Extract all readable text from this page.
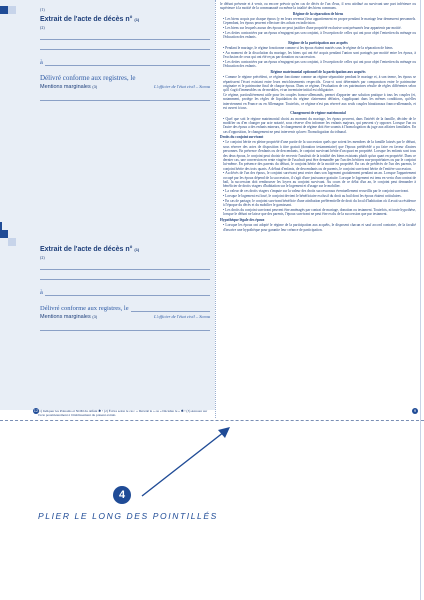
(1)
Extrait de l'acte de décès n° (1)
(2)
à
Délivré conforme aux registres, le
Mentions marginales (3)	L'officier de l'état civil – Sceau
Extrait de l'acte de décès n° (1)
(2)
à
Délivré conforme aux registres, le
Mentions marginales (3)	L'officier de l'état civil – Sceau

le défunt présente et à venir, ou encore prévoir qu'en cas de décès de l'un d'eux, il sera attribué au survivant une part inférieure ou supérieure à la moitié de la communauté ou même la totalité des biens communs.

Régime de la séparation de biens

• Les biens acquis par chaque époux (y en leurs revenus) leur appartiennent en propre pendant le mariage leur demeurent personnels. Cependant, les époux peuvent effectuer des achats en indivision.

• Les biens sur lesquels aucun des époux ne peut justifier d'une propriété exclusive sont présumés leur appartenir par moitié.

• Les dettes contractées par un époux n'engagent pas son conjoint, à l'exception de celles qui ont pour objet l'entretien du ménage ou l'éducation des enfants.

Régime de la participation aux acquêts

• Pendant le mariage, le régime fonctionne comme si les époux étaient mariés sous le régime de la séparation de biens.

• Au moment de la dissolution du mariage, les biens qui ont été acquis pendant l'union sont partagés par moitié entre les époux, à l'exclusion de ceux qui ont été reçus par donation ou succession.

• Les dettes contractées par un époux n'engagent pas son conjoint, à l'exception de celles qui ont pour objet l'entretien du ménage ou l'éducation des enfants.

Régime matrimonial optionnel de la participation aux acquêts

• Comme le régime précédent, ce régime fonctionne comme un régime séparatiste pendant le mariage et, à son terme, les époux se répartissent l'écart existant entre leurs enrichissements respectifs. Ceux-ci sont déterminés par comparaison entre le patrimoine originaire et le patrimoine final de chaque époux. Dans ce régime, l'évaluation de ces patrimoines résulte de règles différentes selon qu'il s'agit d'immeubles ou de meubles, et un inventaire initial est obligatoire.

Ce régime, particulièrement utile pour les couples franco-allemands, permet d'apporter une solution pratique à tous les couples (et, notamment, protège les règles de liquidation du régime clairement définies, s'appliquant dans les mêmes conditions, qu'elles interviennent en France ou en Allemagne. Toutefois, ce régime n'est pas réservé aux seuls couples binationaux franco-allemands, et est ouvert à tous.

Changement de régime matrimonial

• Quel que soit le régime matrimonial choisi au moment du mariage, les époux peuvent, dans l'intérêt de la famille, décider de le modifier ou d'en changer par acte notarié, sous réserve d'en informer les enfants majeurs, qui peuvent s'y opposer. Lorsque l'un ou l'autre des époux a des enfants mineurs, le changement de régime doit être soumis à l'homologation du juge aux affaires familiales. En cas d'opposition, le changement ne peut intervenir qu'avec l'homologation du tribunal.

Droits du conjoint survivant

• Le conjoint hérite en pleine propriété d'une partie de la succession quels que soient les membres de la famille laissés par le défunt, sous réserve des actes de disposition à titre gratuit (donation testamentaire) que l'époux prédécédé a pu faire en faveur d'autres personnes. En présence d'enfants ou de descendants, le conjoint survivant hérite d'un quart en propriété. Lorsque les enfants sont tous des deux époux, le conjoint peut choisir de recevoir l'usufruit de la totalité des biens existants plutôt qu'un quart en propriété. Dans ce dernier cas, une conversion en rente viagère de l'usufruit peut être demandée par l'un des héritiers nus-propriétaires ou par le conjoint lui-même. En présence des parents du défunt, le conjoint hérite de la moitié en propriété. En cas de prédécès de l'un des parents, le conjoint hérite des trois quarts. A défaut d'enfants, de descendants ou de parents, le conjoint survivant hérite de l'entière succession.

• Au décès de l'un des époux, le conjoint survivant peut rester dans son logement gratuitement pendant un an. Lorsque l'appartement occupé par les époux dépend de la succession, il s'agit d'une jouissance gratuite. Lorsque le logement est tenu en vertu d'un contrat de bail, la succession doit rembourser les loyers au conjoint survivant. Au cours de ce délai d'un an, le conjoint peut demander à bénéficier de droits viagers d'habitation sur le logement et d'usage sur le mobilier.

• La valeur de ces droits viagers s'impute sur la valeur des droits successoraux éventuellement recueillis par le conjoint survivant.

• Lorsque le logement est loué, le conjoint devient le bénéficiaire exclusif du droit au bail dont les époux étaient cotitulaires.

• En cas de partage, le conjoint survivant bénéficie d'une attribution préférentielle de droit du local d'habitation où il avait sa résidence à l'époque du décès et du mobilier le garnissant.

• Les droits du conjoint survivant peuvent être aménagés par contrat de mariage, donation ou testament. Toutefois, ni toute hypothèse, lorsque le défunt ne laisse que des parents, l'époux survivant ne peut être exclu de la succession que par testament.

Hypothèque légale des époux

• Lorsque les époux ont adopté le régime de la participation aux acquêts, le disposent chacun et sauf accord contraire, de la faculté d'inscrire une hypothèque pour garantie leur créance de participation.

12 (1) Indiquer les Prénoms et NOM du défunt ✱ • (2) Écrire selon le cas : « Décédé le » ou « Décédée le » ✱ • (3) Annoter sur l'acte postérieurement à l'établissement du présent extrait.
9
4
PLIER LE LONG DES POINTILLÉS
